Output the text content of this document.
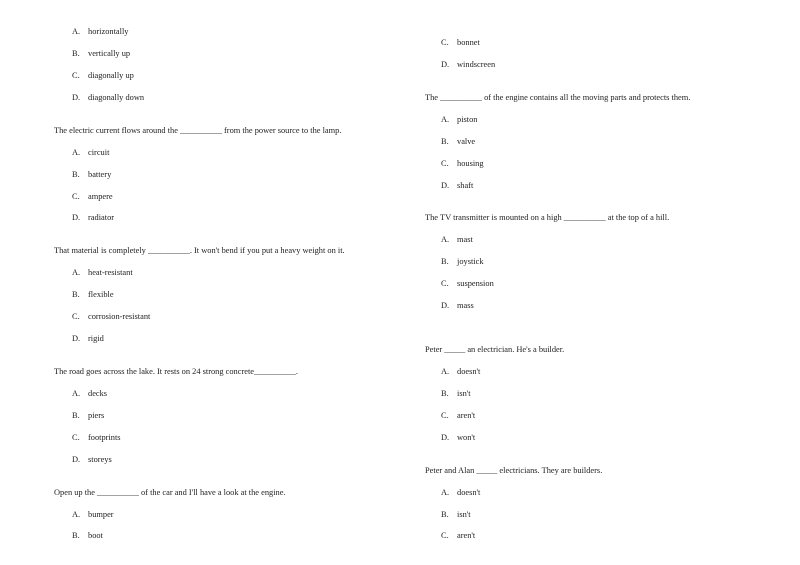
A. horizontally
B. vertically up
C. diagonally up
D. diagonally down
The electric current flows around the __________ from the power source to the lamp.
A. circuit
B. battery
C. ampere
D. radiator
That material is completely __________. It won't bend if you put a heavy weight on it.
A. heat-resistant
B. flexible
C. corrosion-resistant
D. rigid
The road goes across the lake. It rests on 24 strong concrete__________.
A. decks
B. piers
C. footprints
D. storeys
Open up the __________ of the car and I'll have a look at the engine.
A. bumper
B. boot
C. bonnet
D. windscreen
The __________ of the engine contains all the moving parts and protects them.
A. piston
B. valve
C. housing
D. shaft
The TV transmitter is mounted on a high __________ at the top of a hill.
A. mast
B. joystick
C. suspension
D. mass
Peter _____ an electrician. He's a builder.
A. doesn't
B. isn't
C. aren't
D. won't
Peter and Alan _____ electricians. They are builders.
A. doesn't
B. isn't
C. aren't
